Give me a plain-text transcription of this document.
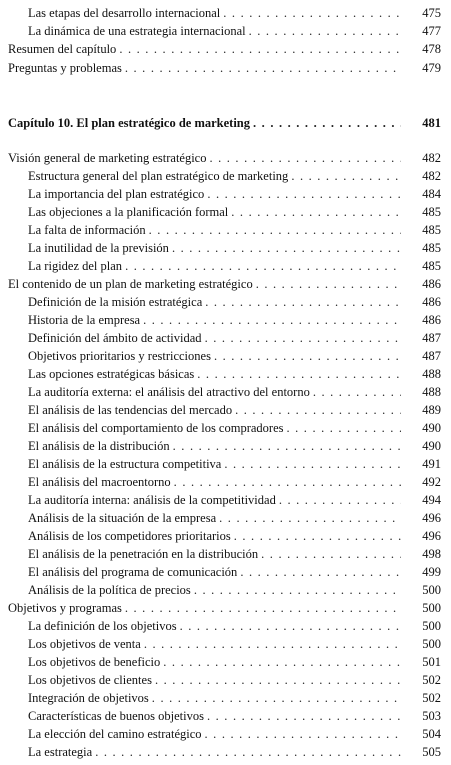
Las etapas del desarrollo internacional . . .	475
La dinámica de una estrategia internacional . . .	477
Resumen del capítulo . . .	478
Preguntas y problemas . . .	479
Capítulo 10. El plan estratégico de marketing . . .	481
Visión general de marketing estratégico . . .	482
Estructura general del plan estratégico de marketing . . .	482
La importancia del plan estratégico . . .	484
Las objeciones a la planificación formal . . .	485
La falta de información . . .	485
La inutilidad de la previsión . . .	485
La rigidez del plan . . .	485
El contenido de un plan de marketing estratégico . . .	486
Definición de la misión estratégica . . .	486
Historia de la empresa . . .	486
Definición del ámbito de actividad . . .	487
Objetivos prioritarios y restricciones . . .	487
Las opciones estratégicas básicas . . .	488
La auditoría externa: el análisis del atractivo del entorno . . .	488
El análisis de las tendencias del mercado . . .	489
El análisis del comportamiento de los compradores . . .	490
El análisis de la distribución . . .	490
El análisis de la estructura competitiva . . .	491
El análisis del macroentorno . . .	492
La auditoría interna: análisis de la competitividad . . .	494
Análisis de la situación de la empresa . . .	496
Análisis de los competidores prioritarios . . .	496
El análisis de la penetración en la distribución . . .	498
El análisis del programa de comunicación . . .	499
Análisis de la política de precios . . .	500
Objetivos y programas . . .	500
La definición de los objetivos . . .	500
Los objetivos de venta . . .	500
Los objetivos de beneficio . . .	501
Los objetivos de clientes . . .	502
Integración de objetivos . . .	502
Características de buenos objetivos . . .	503
La elección del camino estratégico . . .	504
La estrategia . . .	505
